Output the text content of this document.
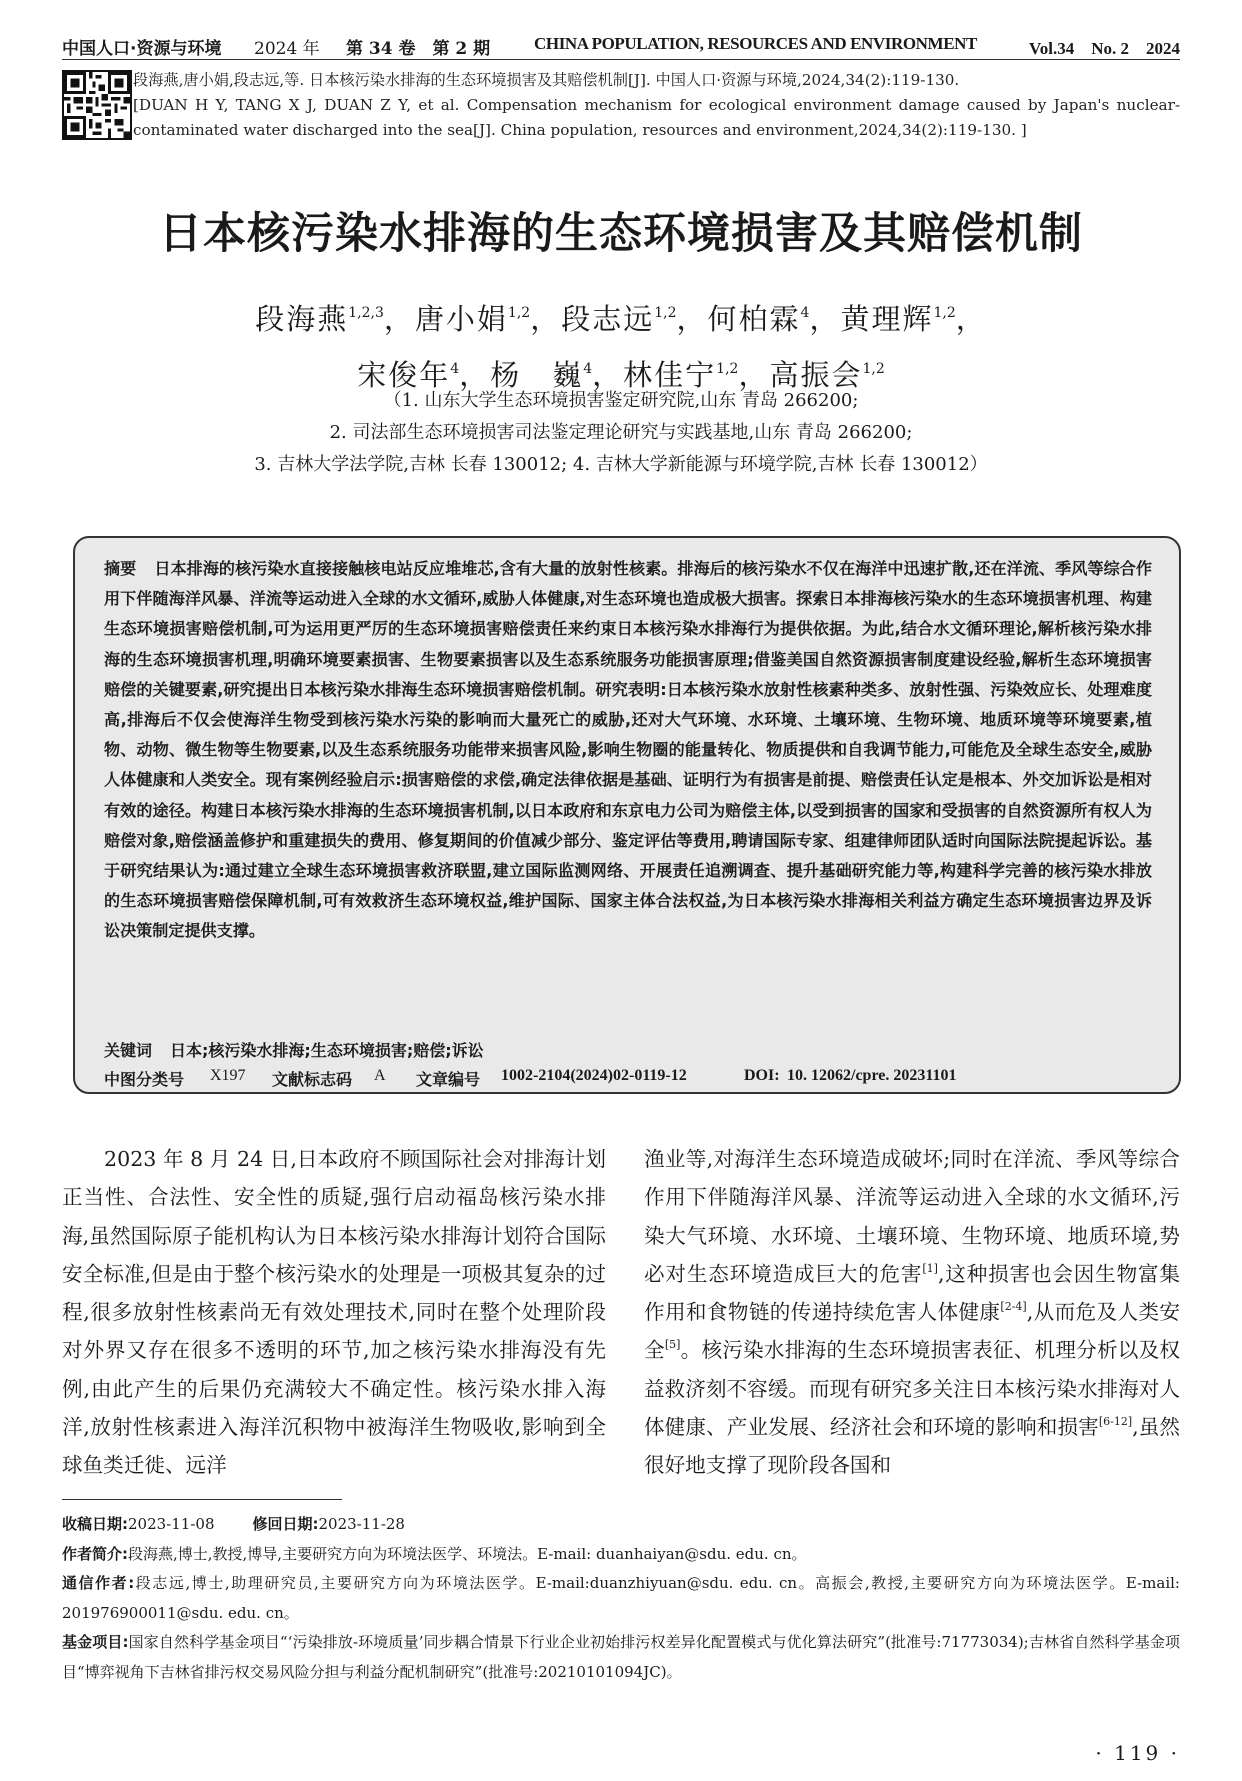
中国人口·资源与环境 2024 年 第 34 卷　第 2 期	CHINA POPULATION, RESOURCES AND ENVIRONMENT	Vol.34　No. 2　2024

段海燕,唐小娟,段志远,等. 日本核污染水排海的生态环境损害及其赔偿机制[J]. 中国人口·资源与环境,2024,34(2):119-130.

[DUAN H Y, TANG X J, DUAN Z Y, et al. Compensation mechanism for ecological environment damage caused by Japan's nuclear-contaminated water discharged into the sea[J]. China population, resources and environment,2024,34(2):119-130. ]

日本核污染水排海的生态环境损害及其赔偿机制
段海燕$^{1,2,3}$，唐小娟$^{1,2}$，段志远$^{1,2}$，何柏霖$^4$，黄理辉$^{1,2}$，
宋俊年$^4$，杨　巍$^4$，林佳宁$^{1,2}$，高振会$^{1,2}$
（1. 山东大学生态环境损害鉴定研究院,山东 青岛 266200;
2. 司法部生态环境损害司法鉴定理论研究与实践基地,山东 青岛 266200;
3. 吉林大学法学院,吉林 长春 130012; 4. 吉林大学新能源与环境学院,吉林 长春 130012）
摘要 日本排海的核污染水直接接触核电站反应堆堆芯,含有大量的放射性核素。排海后的核污染水不仅在海洋中迅速扩散,还在洋流、季风等综合作用下伴随海洋风暴、洋流等运动进入全球的水文循环,威胁人体健康,对生态环境也造成极大损害。探索日本排海核污染水的生态环境损害机理、构建生态环境损害赔偿机制,可为运用更严厉的生态环境损害赔偿责任来约束日本核污染水排海行为提供依据。为此,结合水文循环理论,解析核污染水排海的生态环境损害机理,明确环境要素损害、生物要素损害以及生态系统服务功能损害原理;借鉴美国自然资源损害制度建设经验,解析生态环境损害赔偿的关键要素,研究提出日本核污染水排海生态环境损害赔偿机制。研究表明:日本核污染水放射性核素种类多、放射性强、污染效应长、处理难度高,排海后不仅会使海洋生物受到核污染水污染的影响而大量死亡的威胁,还对大气环境、水环境、土壤环境、生物环境、地质环境等环境要素,植物、动物、微生物等生物要素,以及生态系统服务功能带来损害风险,影响生物圈的能量转化、物质提供和自我调节能力,可能危及全球生态安全,威胁人体健康和人类安全。现有案例经验启示:损害赔偿的求偿,确定法律依据是基础、证明行为有损害是前提、赔偿责任认定是根本、外交加诉讼是相对有效的途径。构建日本核污染水排海的生态环境损害机制,以日本政府和东京电力公司为赔偿主体,以受到损害的国家和受损害的自然资源所有权人为赔偿对象,赔偿涵盖修护和重建损失的费用、修复期间的价值减少部分、鉴定评估等费用,聘请国际专家、组建律师团队适时向国际法院提起诉讼。基于研究结果认为:通过建立全球生态环境损害救济联盟,建立国际监测网络、开展责任追溯调查、提升基础研究能力等,构建科学完善的核污染水排放的生态环境损害赔偿保障机制,可有效救济生态环境权益,维护国际、国家主体合法权益,为日本核污染水排海相关利益方确定生态环境损害边界及诉讼决策制定提供支撑。
关键词 日本;核污染水排海;生态环境损害;赔偿;诉讼
中图分类号 X197 文献标志码 A 文章编号 1002-2104(2024)02-0119-12	DOI: 10. 12062/cpre. 20231101
2023 年 8 月 24 日,日本政府不顾国际社会对排海计划正当性、合法性、安全性的质疑,强行启动福岛核污染水排海,虽然国际原子能机构认为日本核污染水排海计划符合国际安全标准,但是由于整个核污染水的处理是一项极其复杂的过程,很多放射性核素尚无有效处理技术,同时在整个处理阶段对外界又存在很多不透明的环节,加之核污染水排海没有先例,由此产生的后果仍充满较大不确定性。核污染水排入海洋,放射性核素进入海洋沉积物中被海洋生物吸收,影响到全球鱼类迁徙、远洋
渔业等,对海洋生态环境造成破坏;同时在洋流、季风等综合作用下伴随海洋风暴、洋流等运动进入全球的水文循环,污染大气环境、水环境、土壤环境、生物环境、地质环境,势必对生态环境造成巨大的危害[1],这种损害也会因生物富集作用和食物链的传递持续危害人体健康[2-4],从而危及人类安全[5]。核污染水排海的生态环境损害表征、机理分析以及权益救济刻不容缓。而现有研究多关注日本核污染水排海对人体健康、产业发展、经济社会和环境的影响和损害[6-12],虽然很好地支撑了现阶段各国和

收稿日期:2023-11-08	修回日期:2023-11-28

作者简介:段海燕,博士,教授,博导,主要研究方向为环境法医学、环境法。E-mail: duanhaiyan@sdu. edu. cn。

通信作者:段志远,博士,助理研究员,主要研究方向为环境法医学。E-mail:duanzhiyuan@sdu. edu. cn。高振会,教授,主要研究方向为环境法医学。E-mail: 201976900011@sdu. edu. cn。

基金项目:国家自然科学基金项目“‘污染排放-环境质量’同步耦合情景下行业企业初始排污权差异化配置模式与优化算法研究”(批准号:71773034);吉林省自然科学基金项目“博弈视角下吉林省排污权交易风险分担与利益分配机制研究”(批准号:20210101094JC)。

· 119 ·
